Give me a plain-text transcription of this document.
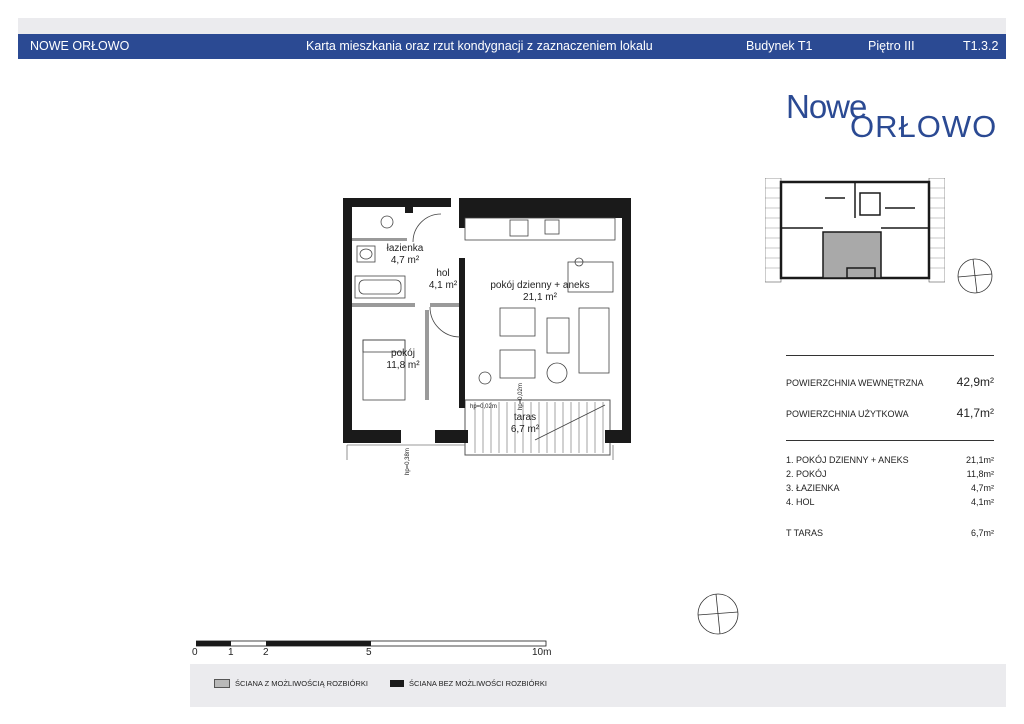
NOWE ORŁOWO	Karta mieszkania oraz rzut kondygnacji z zaznaczeniem lokalu	Budynek T1	Piętro III	T1.3.2
Nowe
ORŁOWO
łazienka
4,7 m²
hol
4,1 m²	pokój dzienny + aneks
21,1 m²
pokój
11,8 m²
taras
6,7 m²
hp=0,02m	hp=0,02m
hp=0,38m
POWIERZCHNIA WEWNĘTRZNA	42,9m²
POWIERZCHNIA UŻYTKOWA	41,7m²
1. POKÓJ DZIENNY + ANEKS	21,1m²
2. POKÓJ	11,8m²
3. ŁAZIENKA	4,7m²
4. HOL	4,1m²
T TARAS	6,7m²
0	1	2	5	10m
ŚCIANA Z MOŻLIWOŚCIĄ ROZBIÓRKI	ŚCIANA BEZ MOŻLIWOŚCI ROZBIÓRKI
